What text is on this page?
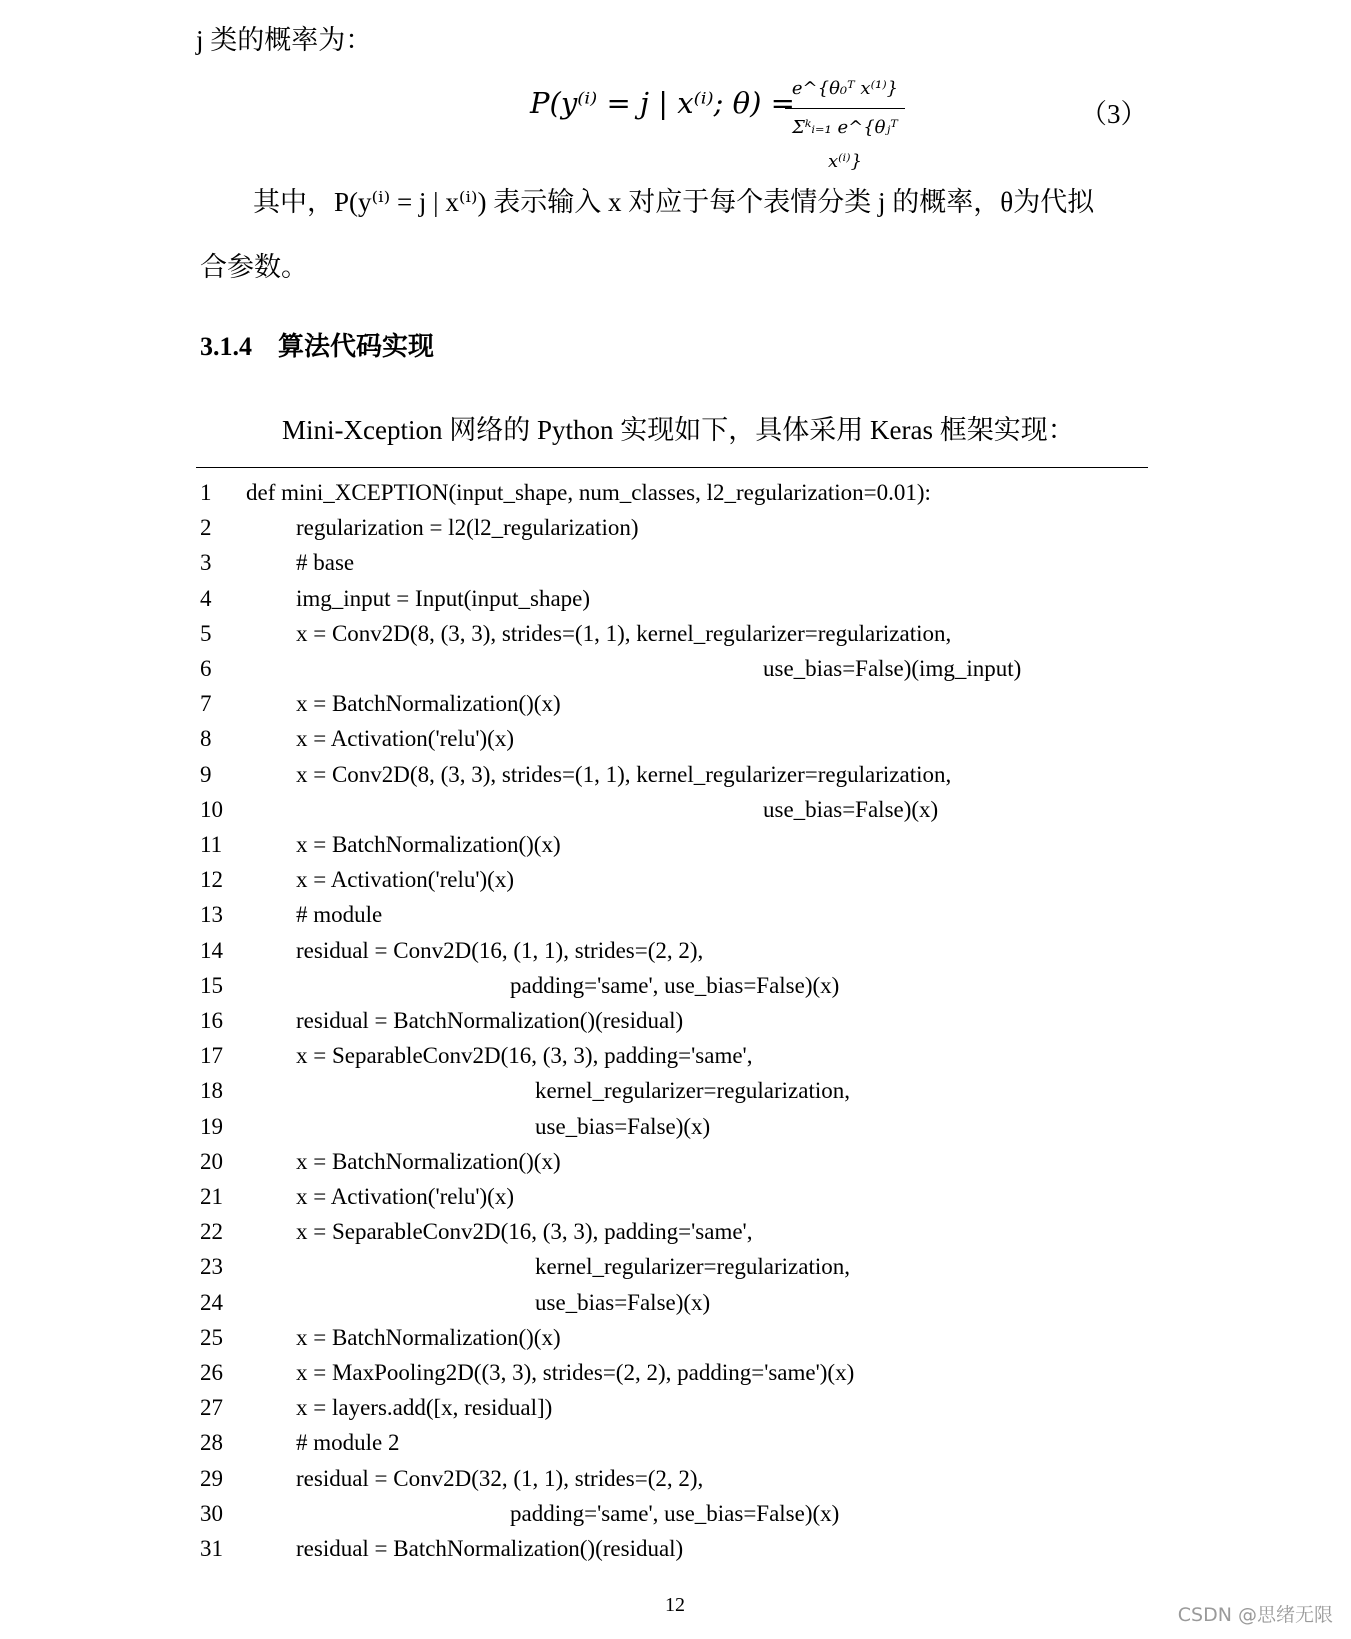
j 类的概率为：
P(y⁽ⁱ⁾ = j | x⁽ⁱ⁾; θ) =
e^{θ₀ᵀ x⁽¹⁾}
Σᵏᵢ₌₁ e^{θⱼᵀ x⁽ⁱ⁾}
（3）
其中，P(y⁽ⁱ⁾ = j | x⁽ⁱ⁾) 表示输入 x 对应于每个表情分类 j 的概率，θ为代拟
合参数。
3.1.4　算法代码实现
Mini-Xception 网络的 Python 实现如下，具体采用 Keras 框架实现：
1	def mini_XCEPTION(input_shape, num_classes, l2_regularization=0.01):
2	regularization = l2(l2_regularization)
3	# base
4	img_input = Input(input_shape)
5	x = Conv2D(8, (3, 3), strides=(1, 1), kernel_regularizer=regularization,
6	use_bias=False)(img_input)
7	x = BatchNormalization()(x)
8	x = Activation('relu')(x)
9	x = Conv2D(8, (3, 3), strides=(1, 1), kernel_regularizer=regularization,
10	use_bias=False)(x)
11	x = BatchNormalization()(x)
12	x = Activation('relu')(x)
13	# module
14	residual = Conv2D(16, (1, 1), strides=(2, 2),
15	padding='same', use_bias=False)(x)
16	residual = BatchNormalization()(residual)
17	x = SeparableConv2D(16, (3, 3), padding='same',
18	kernel_regularizer=regularization,
19	use_bias=False)(x)
20	x = BatchNormalization()(x)
21	x = Activation('relu')(x)
22	x = SeparableConv2D(16, (3, 3), padding='same',
23	kernel_regularizer=regularization,
24	use_bias=False)(x)
25	x = BatchNormalization()(x)
26	x = MaxPooling2D((3, 3), strides=(2, 2), padding='same')(x)
27	x = layers.add([x, residual])
28	# module 2
29	residual = Conv2D(32, (1, 1), strides=(2, 2),
30	padding='same', use_bias=False)(x)
31	residual = BatchNormalization()(residual)
12	CSDN @思绪无限
